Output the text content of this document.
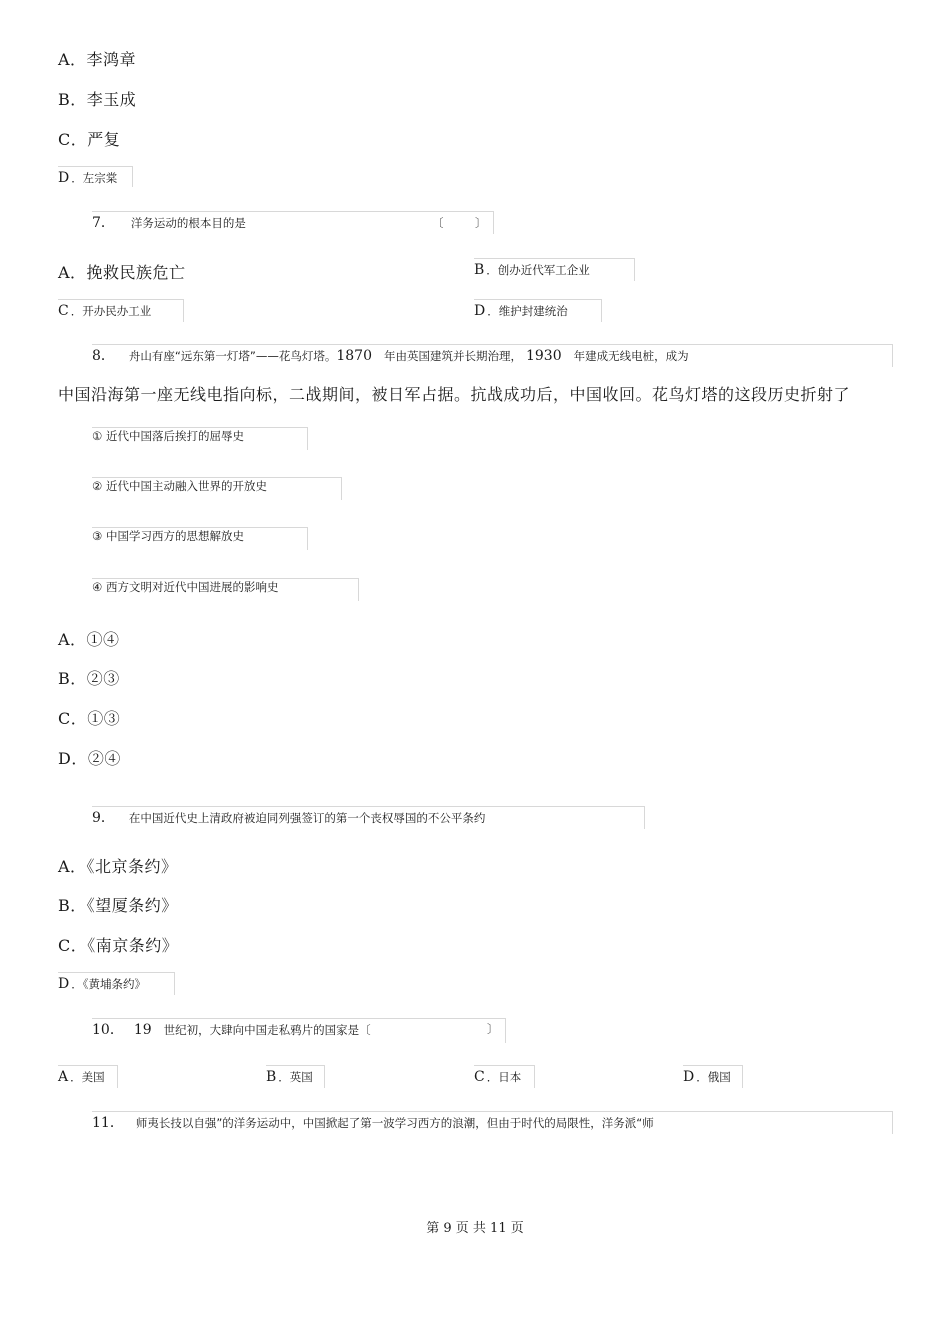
A．李鸿章
B．李玉成
C．严复
D ．左宗棠
7． 洋务运动的根本目的是	〔	〕
A．挽救民族危亡	B ．创办近代军工企业
C ．开办民办工业	D ．维护封建统治
8． 舟山有座“远东第一灯塔”——花鸟灯塔。1870 年由英国建筑并长期治理， 1930 年建成无线电桩，成为
中国沿海第一座无线电指向标，二战期间，被日军占据。抗战成功后，中国收回。花鸟灯塔的这段历史折射了
① 近代中国落后挨打的屈辱史
② 近代中国主动融入世界的开放史
③ 中国学习西方的思想解放史
④ 西方文明对近代中国进展的影响史
A．①④
B．②③
C．①③
D．②④
9． 在中国近代史上清政府被迫同列强签订的第一个丧权辱国的不公平条约
A．《北京条约》
B．《望厦条约》
C．《南京条约》
D ．《黄埔条约》
10． 19 世纪初，大肆向中国走私鸦片的国家是〔	〕
A ．美国	B ．英国	C ．日本	D ．俄国
11． 师夷长技以自强”的洋务运动中，中国掀起了第一波学习西方的浪潮，但由于时代的局限性，洋务派“师
第 9 页 共 11 页
